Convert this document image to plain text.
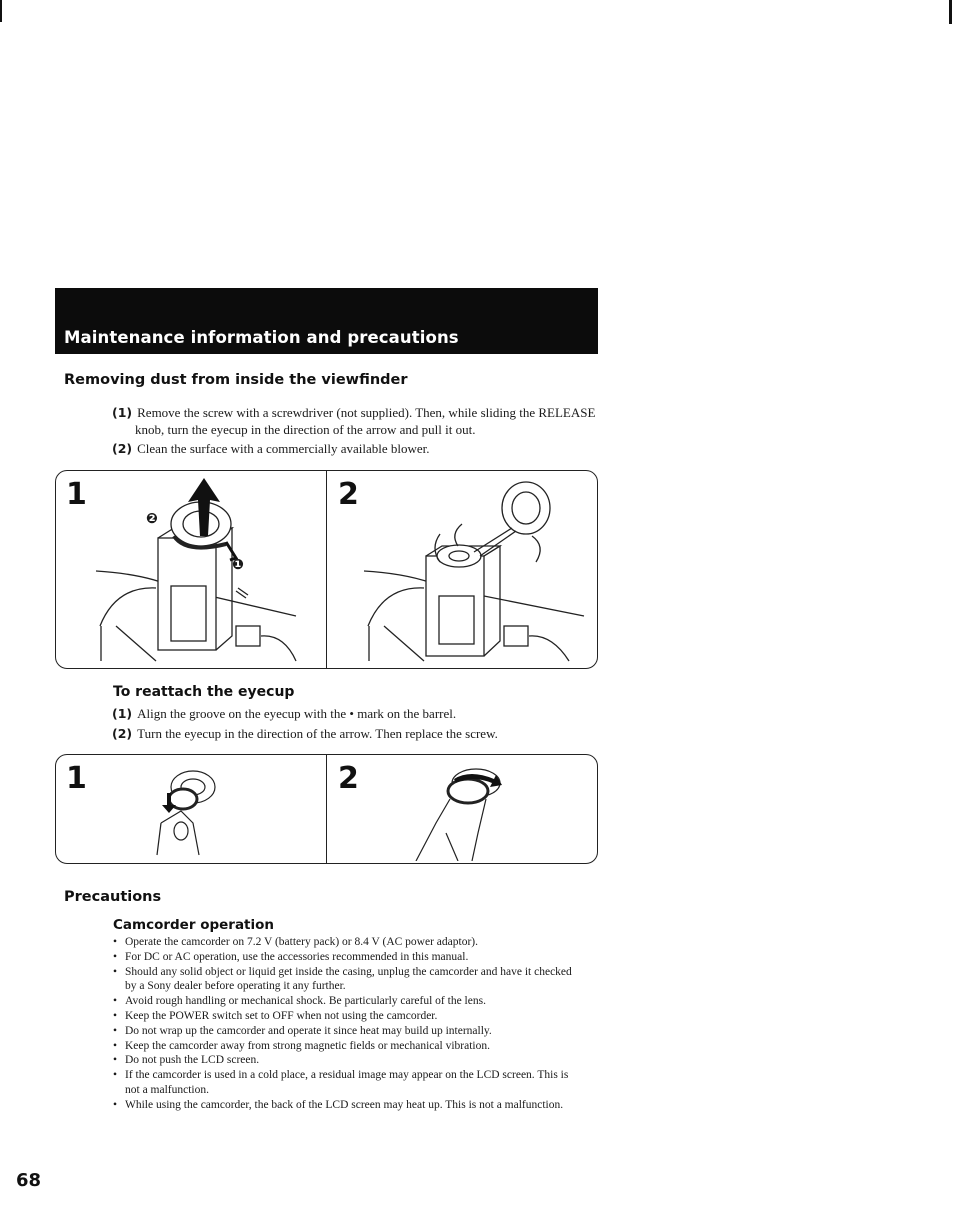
Maintenance information and precautions
Removing dust from inside the viewfinder
(1) Remove the screw with a screwdriver (not supplied). Then, while sliding the RELEASE knob, turn the eyecup in the direction of the arrow and pull it out.
(2) Clean the surface with a commercially available blower.
1	2
❷
❶
To reattach the eyecup
(1) Align the groove on the eyecup with the • mark on the barrel.
(2) Turn the eyecup in the direction of the arrow. Then replace the screw.
1	2
Precautions
Camcorder operation
• Operate the camcorder on 7.2 V (battery pack) or 8.4 V (AC power adaptor).
• For DC or AC operation, use the accessories recommended in this manual.
• Should any solid object or liquid get inside the casing, unplug the camcorder and have it checked by a Sony dealer before operating it any further.
• Avoid rough handling or mechanical shock. Be particularly careful of the lens.
• Keep the POWER switch set to OFF when not using the camcorder.
• Do not wrap up the camcorder and operate it since heat may build up internally.
• Keep the camcorder away from strong magnetic fields or mechanical vibration.
• Do not push the LCD screen.
• If the camcorder is used in a cold place, a residual image may appear on the LCD screen. This is not a malfunction.
• While using the camcorder, the back of the LCD screen may heat up. This is not a malfunction.
68
